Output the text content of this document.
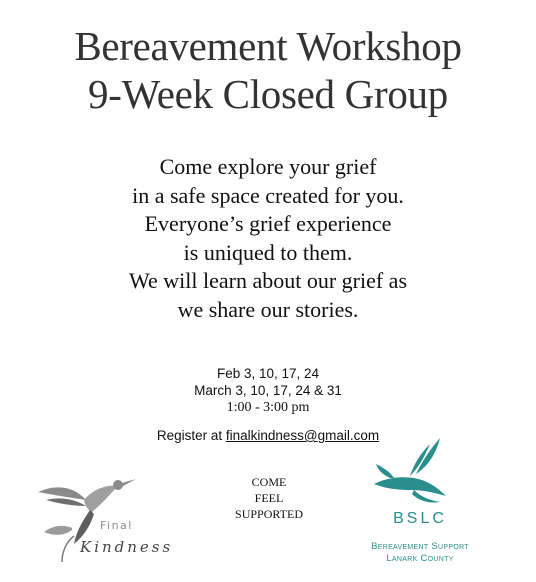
Bereavement Workshop
9-Week Closed Group
Come explore your grief
in a safe space created for you.
Everyone’s grief experience
is uniqued to them.
We will learn about our grief as
we share our stories.
Feb 3, 10, 17, 24
March 3, 10, 17, 24 & 31
1:00 - 3:00 pm
Register at finalkindness@gmail.com
COME
FEEL
SUPPORTED
Final
Kindness
BSLC
Bereavement Support
Lanark County
